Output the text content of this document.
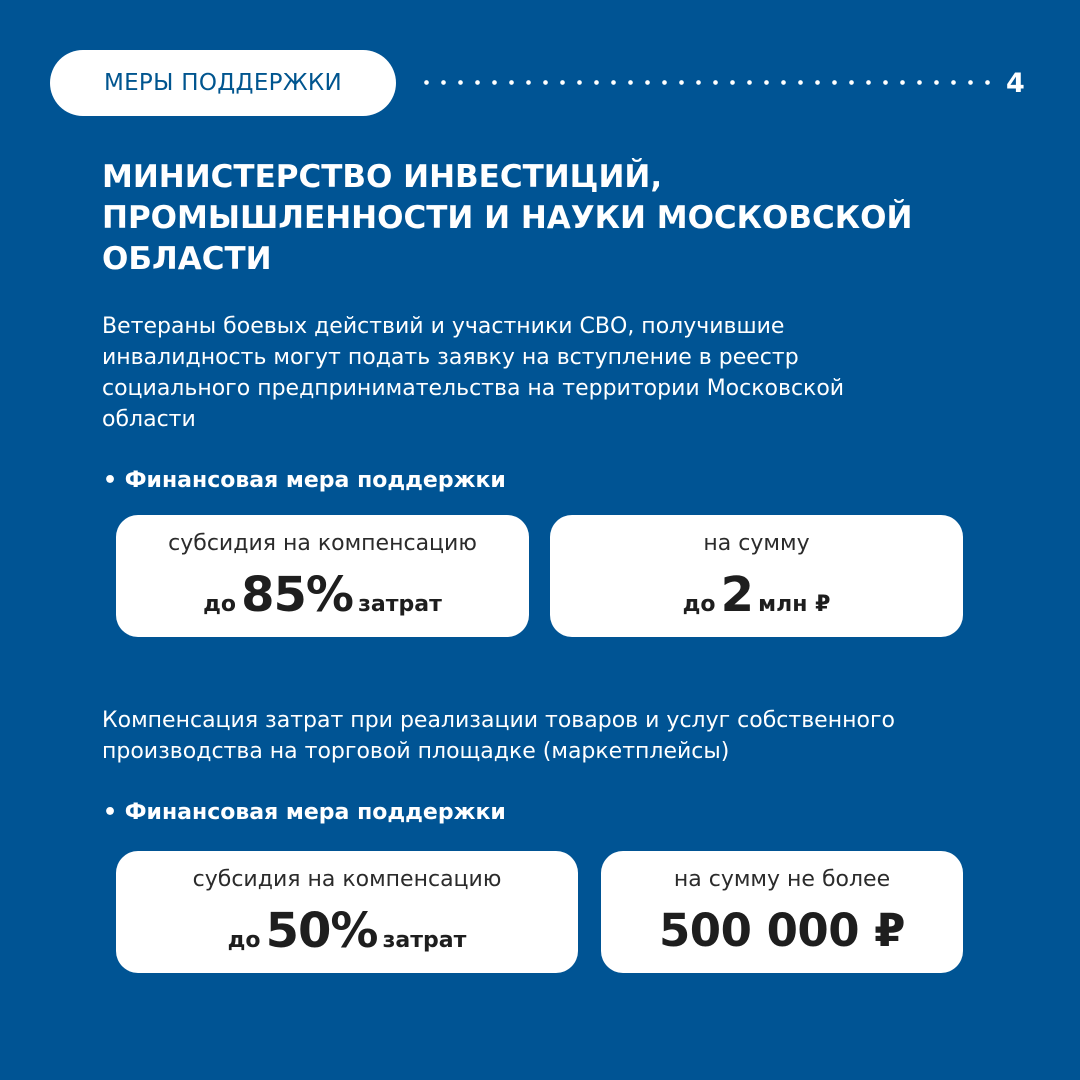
МЕРЫ ПОДДЕРЖКИ	4
МИНИСТЕРСТВО ИНВЕСТИЦИЙ, ПРОМЫШЛЕННОСТИ И НАУКИ МОСКОВСКОЙ ОБЛАСТИ

Ветераны боевых действий и участники СВО, получившие инвалидность могут подать заявку на вступление в реестр социального предпринимательства на территории Московской области

• Финансовая мера поддержки
субсидия на компенсацию
до 85% затрат
на сумму
до 2 млн ₽

Компенсация затрат при реализации товаров и услуг собственного производства на торговой площадке (маркетплейсы)

• Финансовая мера поддержки
субсидия на компенсацию
до 50% затрат
на сумму не более
500 000 ₽
